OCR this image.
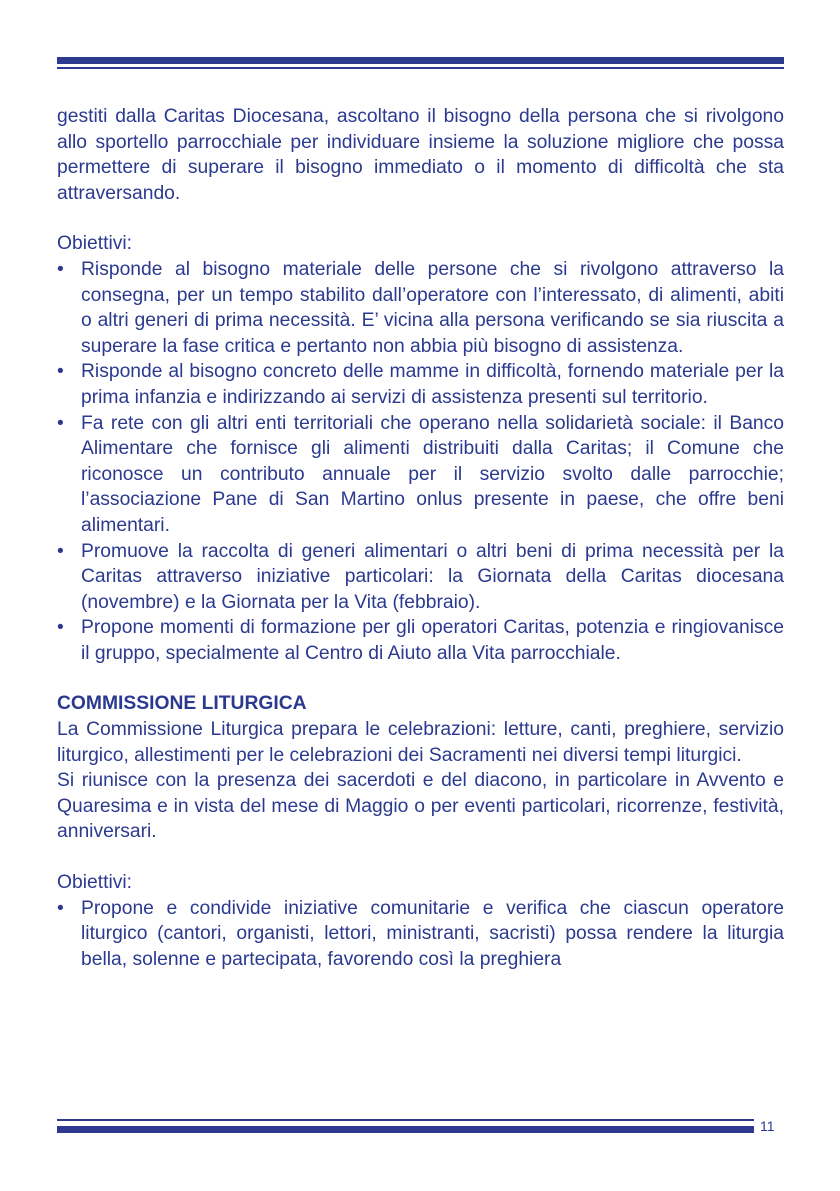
gestiti dalla Caritas Diocesana, ascoltano il bisogno della persona che si rivolgono allo sportello parrocchiale per individuare insieme la soluzione migliore che possa permettere di superare il bisogno immediato o il momento di difficoltà che sta attraversando.

Obiettivi:

• Risponde al bisogno materiale delle persone che si rivolgono attraverso la consegna, per un tempo stabilito dall’operatore con l’interessato, di alimenti, abiti o altri generi di prima necessità. E’ vicina alla persona verificando se sia riuscita a superare la fase critica e pertanto non abbia più bisogno di assistenza.
• Risponde al bisogno concreto delle mamme in difficoltà, fornendo materiale per la prima infanzia e indirizzando ai servizi di assistenza presenti sul territorio.
• Fa rete con gli altri enti territoriali che operano nella solidarietà sociale: il Banco Alimentare che fornisce gli alimenti distribuiti dalla Caritas; il Comune che riconosce un contributo annuale per il servizio svolto dalle parrocchie; l’associazione Pane di San Martino onlus presente in paese, che offre beni alimentari.
• Promuove la raccolta di generi alimentari o altri beni di prima necessità per la Caritas attraverso iniziative particolari: la Giornata della Caritas diocesana (novembre) e la Giornata per la Vita (febbraio).
• Propone momenti di formazione per gli operatori Caritas, potenzia e ringiovanisce il gruppo, specialmente al Centro di Aiuto alla Vita parrocchiale.

COMMISSIONE LITURGICA

La Commissione Liturgica prepara le celebrazioni: letture, canti, preghiere, servizio liturgico, allestimenti per le celebrazioni dei Sacramenti nei diversi tempi liturgici.

Si riunisce con la presenza dei sacerdoti e del diacono, in particolare in Avvento e Quaresima e in vista del mese di Maggio o per eventi particolari, ricorrenze, festività, anniversari.

Obiettivi:

• Propone e condivide iniziative comunitarie e verifica che ciascun operatore liturgico (cantori, organisti, lettori, ministranti, sacristi) possa rendere la liturgia bella, solenne e partecipata, favorendo così la preghiera
11
